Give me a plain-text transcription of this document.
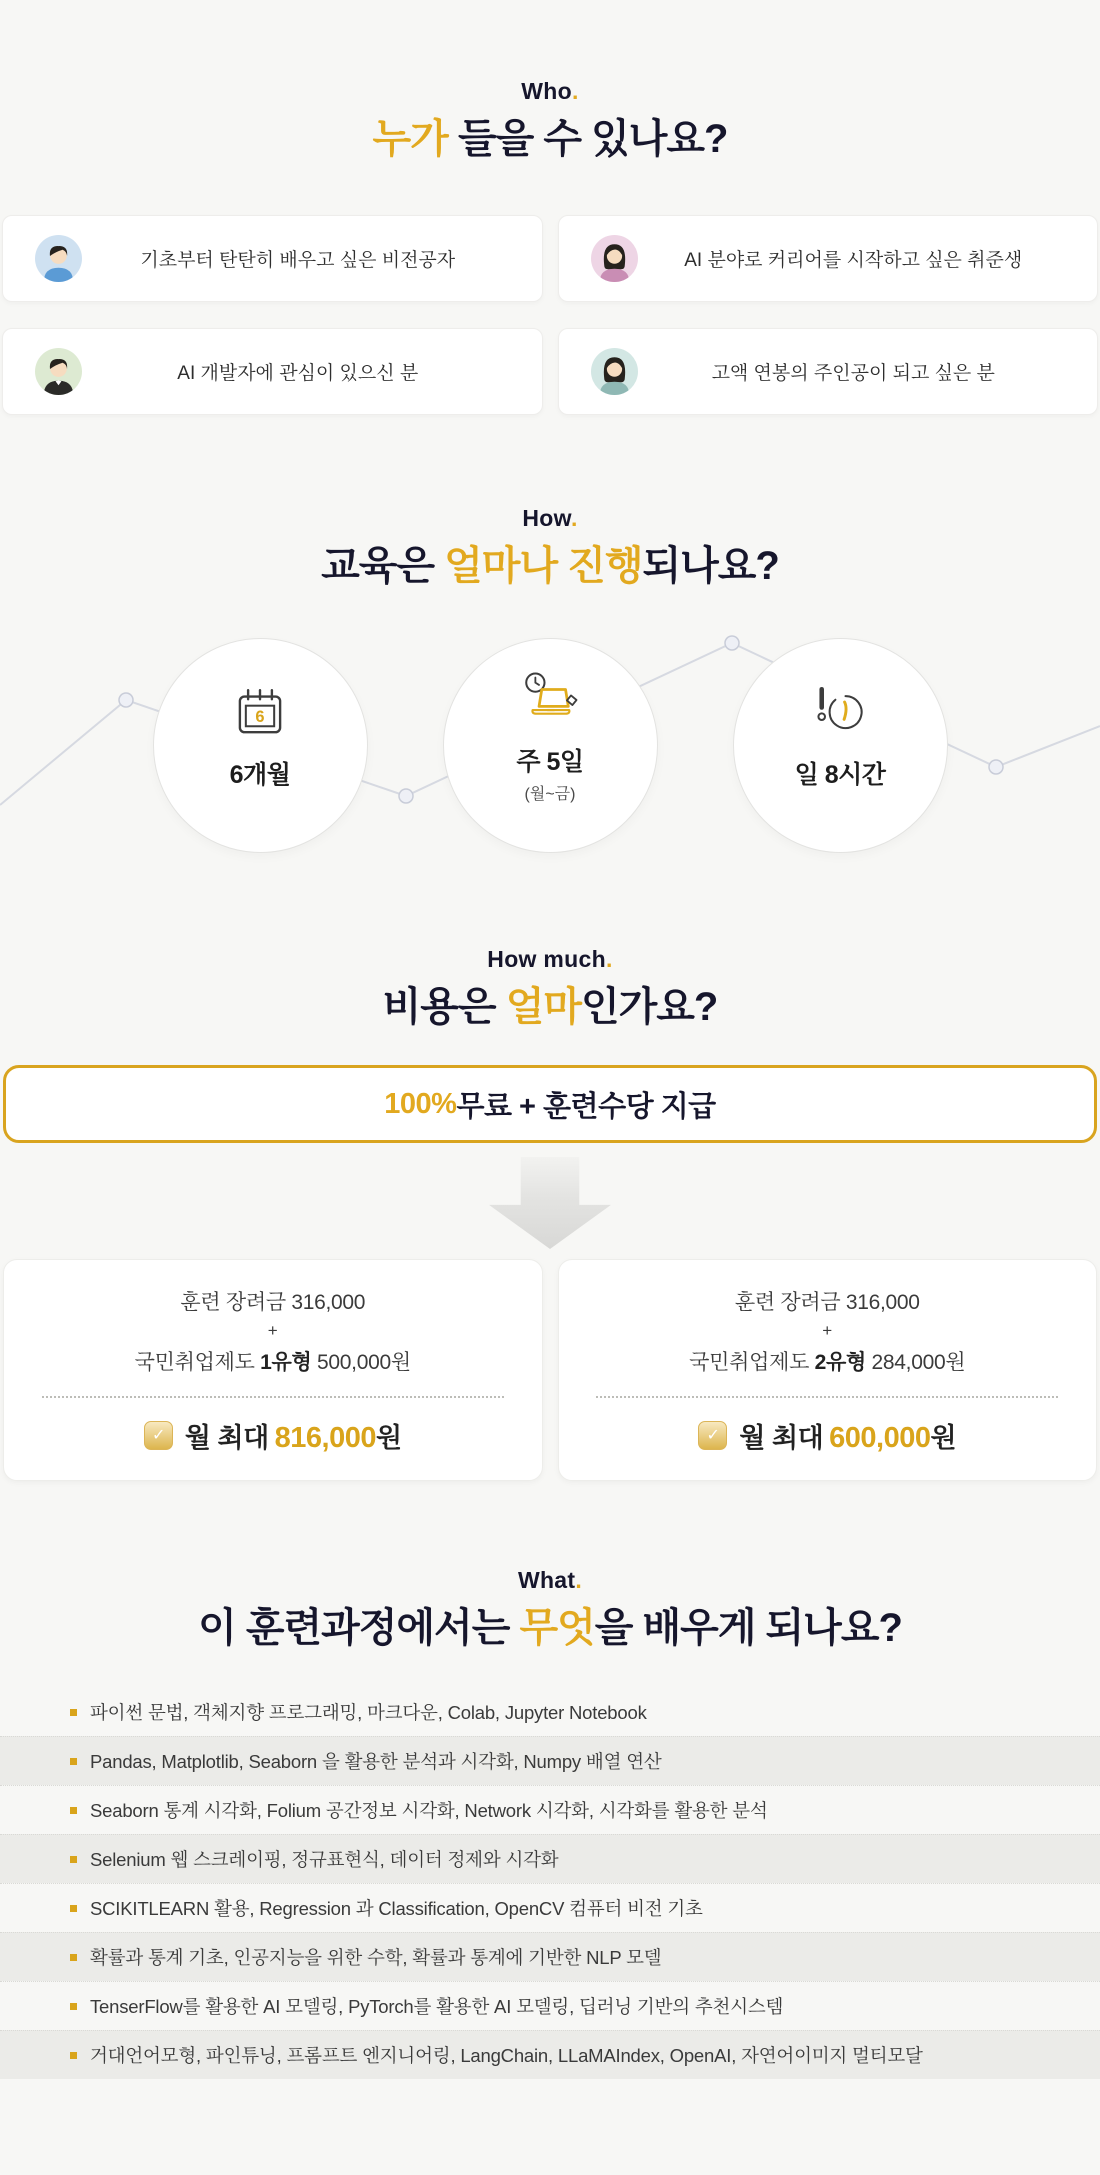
Who.
누가 들을 수 있나요?
기초부터 탄탄히 배우고 싶은 비전공자	AI 분야로 커리어를 시작하고 싶은 취준생
AI 개발자에 관심이 있으신 분	고액 연봉의 주인공이 되고 싶은 분
How.
교육은 얼마나 진행되나요?
6
6개월	주 5일
(월~금)
일 8시간
How much.
비용은 얼마인가요?
100% 무료 + 훈련수당 지급
훈련 장려금 316,000
+
국민취업제도 1유형 500,000원
✓ 월 최대 816,000원
훈련 장려금 316,000
+
국민취업제도 2유형 284,000원
✓ 월 최대 600,000원
What.
이 훈련과정에서는 무엇을 배우게 되나요?
파이썬 문법, 객체지향 프로그래밍, 마크다운, Colab, Jupyter Notebook
Pandas, Matplotlib, Seaborn 을 활용한 분석과 시각화, Numpy 배열 연산
Seaborn 통계 시각화, Folium 공간정보 시각화, Network 시각화, 시각화를 활용한 분석
Selenium 웹 스크레이핑, 정규표현식, 데이터 정제와 시각화
SCIKITLEARN 활용, Regression 과 Classification, OpenCV 컴퓨터 비전 기초
확률과 통계 기초, 인공지능을 위한 수학, 확률과 통계에 기반한 NLP 모델
TenserFlow를 활용한 AI 모델링, PyTorch를 활용한 AI 모델링, 딥러닝 기반의 추천시스템
거대언어모형, 파인튜닝, 프롬프트 엔지니어링, LangChain, LLaMAIndex, OpenAI, 자연어이미지 멀티모달
